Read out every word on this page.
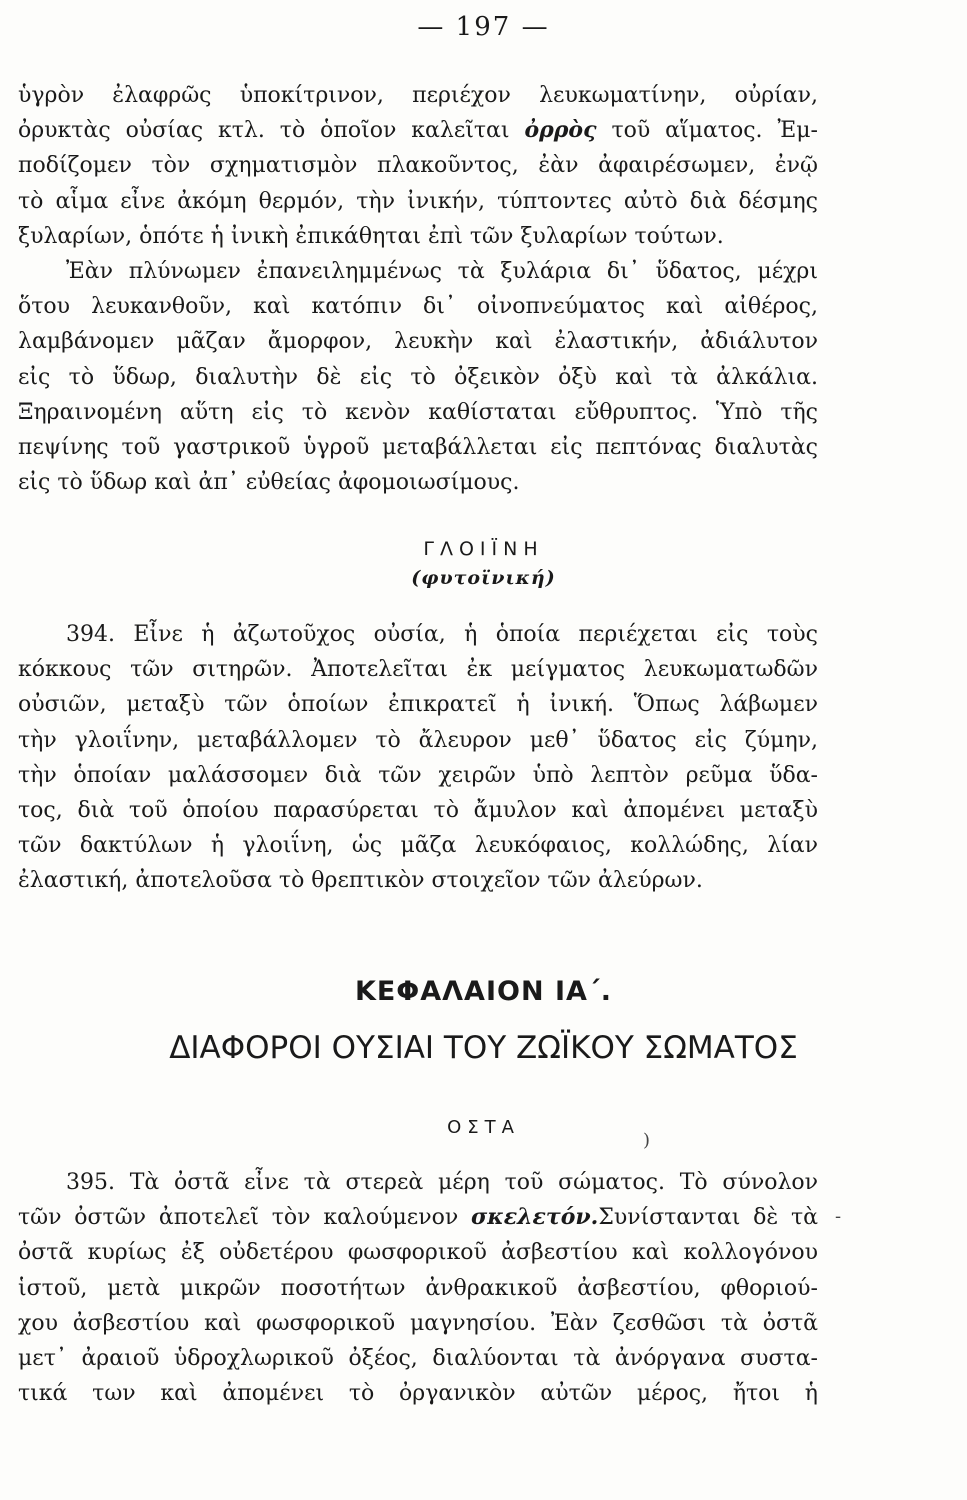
— 197 —
ὑγρὸν ἐλαφρῶς ὑποκίτρινον, περιέχον λευκωματίνην, οὐρίαν,
ὀρυκτὰς οὐσίας κτλ. τὸ ὁποῖον καλεῖται ὀρρὸς τοῦ αἵματος. Ἐμ-
ποδίζομεν τὸν σχηματισμὸν πλακοῦντος, ἐὰν ἀφαιρέσωμεν, ἐνῷ
τὸ αἷμα εἶνε ἀκόμη θερμόν, τὴν ἰνικήν, τύπτοντες αὐτὸ διὰ δέσμης
ξυλαρίων, ὁπότε ἡ ἰνικὴ ἐπικάθηται ἐπὶ τῶν ξυλαρίων τούτων.
Ἐὰν πλύνωμεν ἐπανειλημμένως τὰ ξυλάρια δι᾽ ὕδατος, μέχρι
ὅτου λευκανθοῦν, καὶ κατόπιν δι᾽ οἰνοπνεύματος καὶ αἰθέρος,
λαμβάνομεν μᾶζαν ἄμορφον, λευκὴν καὶ ἐλαστικήν, ἀδιάλυτον
εἰς τὸ ὕδωρ, διαλυτὴν δὲ εἰς τὸ ὀξεικὸν ὀξὺ καὶ τὰ ἀλκάλια.
Ξηραινομένη αὕτη εἰς τὸ κενὸν καθίσταται εὔθρυπτος. Ὑπὸ τῆς
πεψίνης τοῦ γαστρικοῦ ὑγροῦ μεταβάλλεται εἰς πεπτόνας διαλυτὰς
εἰς τὸ ὕδωρ καὶ ἀπ᾽ εὐθείας ἀφομοιωσίμους.
ΓΛΟΙΪΝΗ
(φυτοϊνική)
394. Εἶνε ἡ ἀζωτοῦχος οὐσία, ἡ ὁποία περιέχεται εἰς τοὺς
κόκκους τῶν σιτηρῶν. Ἀποτελεῖται ἐκ μείγματος λευκωματωδῶν
οὐσιῶν, μεταξὺ τῶν ὁποίων ἐπικρατεῖ ἡ ἰνική. Ὅπως λάβωμεν
τὴν γλοιΐνην, μεταβάλλομεν τὸ ἄλευρον μεθ᾽ ὕδατος εἰς ζύμην,
τὴν ὁποίαν μαλάσσομεν διὰ τῶν χειρῶν ὑπὸ λεπτὸν ρεῦμα ὕδα-
τος, διὰ τοῦ ὁποίου παρασύρεται τὸ ἄμυλον καὶ ἀπομένει μεταξὺ
τῶν δακτύλων ἡ γλοιΐνη, ὡς μᾶζα λευκόφαιος, κολλώδης, λίαν
ἐλαστική, ἀποτελοῦσα τὸ θρεπτικὸν στοιχεῖον τῶν ἀλεύρων.
ΚΕΦΑΛΑΙΟΝ ΙΑ΄.
ΔΙΑΦΟΡΟΙ ΟΥΣΙΑΙ ΤΟΥ ΖΩΪΚΟΥ ΣΩΜΑΤΟΣ
ΟΣΤΑ
)
395. Τὰ ὀστᾶ εἶνε τὰ στερεὰ μέρη τοῦ σώματος. Τὸ σύνολον
τῶν ὀστῶν ἀποτελεῖ τὸν καλούμενον σκελετόν.Συνίστανται δὲ τὰ
ὀστᾶ κυρίως ἐξ οὐδετέρου φωσφορικοῦ ἀσβεστίου καὶ κολλογόνου
ἱστοῦ, μετὰ μικρῶν ποσοτήτων ἀνθρακικοῦ ἀσβεστίου, φθοριού-
χου ἀσβεστίου καὶ φωσφορικοῦ μαγνησίου. Ἐὰν ζεσθῶσι τὰ ὀστᾶ
μετ᾽ ἀραιοῦ ὑδροχλωρικοῦ ὀξέος, διαλύονται τὰ ἀνόργανα συστα-
τικά των καὶ ἀπομένει τὸ ὀργανικὸν αὐτῶν μέρος, ἤτοι ἡ
-
